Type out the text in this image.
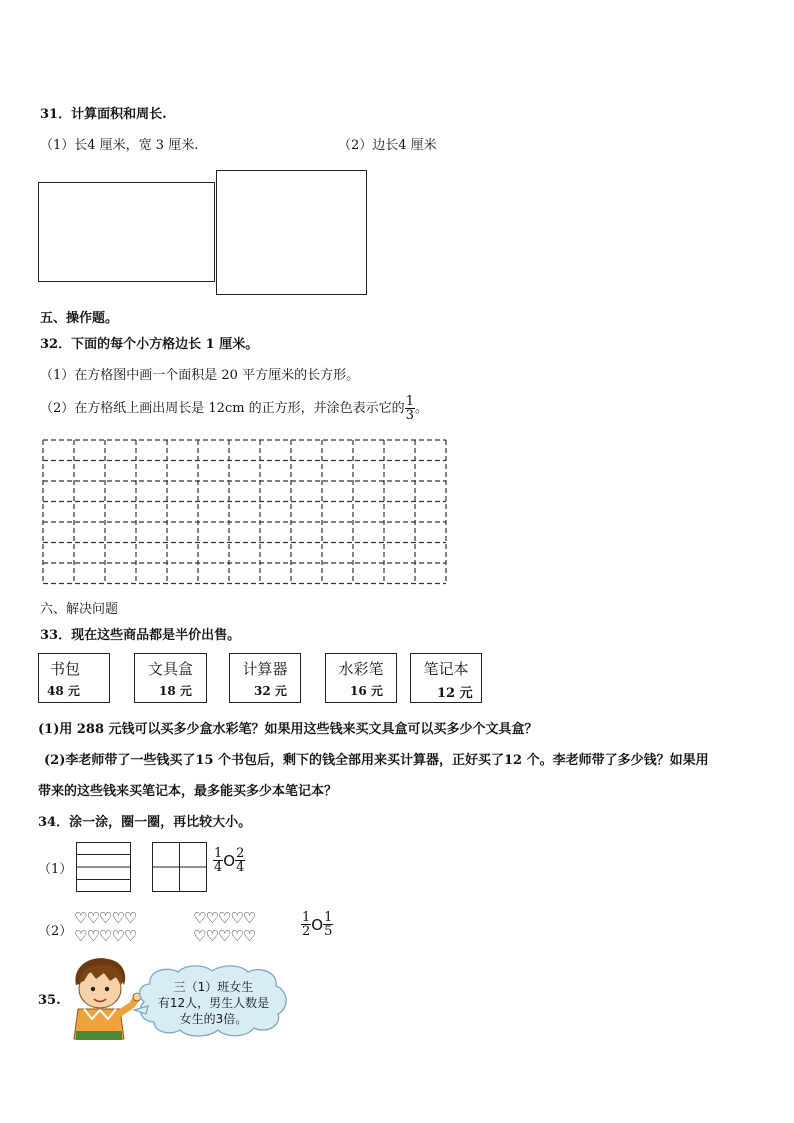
31．计算面积和周长.
（1）长4 厘米，宽 3 厘米.	（2）边长4 厘米
五、操作题。
32．下面的每个小方格边长 1 厘米。
（1）在方格图中画一个面积是 20 平方厘米的长方形。
（2）在方格纸上画出周长是 12cm 的正方形，并涂色表示它的 $\frac{1}{3}$ 。
六、解决问题
33．现在这些商品都是半价出售。
书包
48 元
文具盒
18 元
计算器
32 元
水彩笔
16 元
笔记本
12 元
(1)用 288 元钱可以买多少盒水彩笔？如果用这些钱来买文具盒可以买多少个文具盒？
(2)李老师带了一些钱买了15 个书包后，剩下的钱全部用来买计算器，正好买了12 个。李老师带了多少钱？如果用
带来的这些钱来买笔记本，最多能买多少本笔记本？
34．涂一涂，圈一圈，再比较大小。
（1）	$\frac{1}{4}$ O $\frac{2}{4}$
（2）
♡♡♡♡♡
♡♡♡♡♡
♡♡♡♡♡
♡♡♡♡♡	$\frac{1}{2}$ O $\frac{1}{5}$
35.
三（1）班女生
有12人，男生人数是
女生的3倍。
